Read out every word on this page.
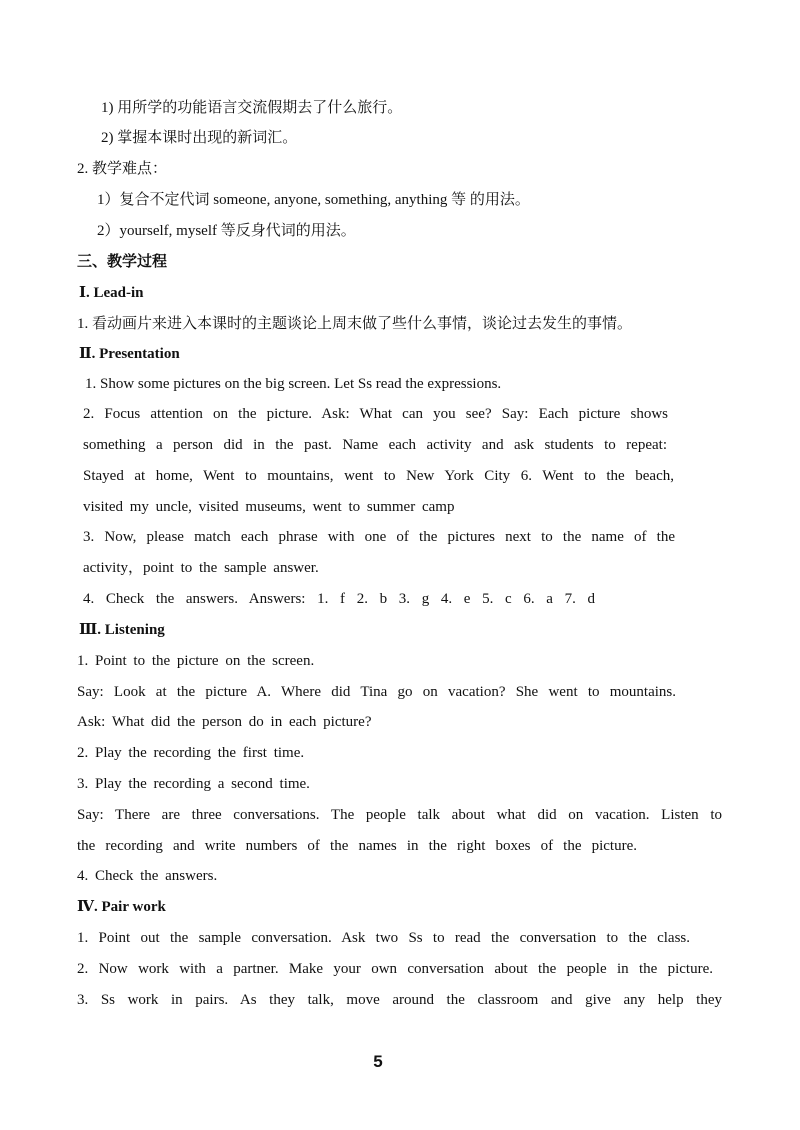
1) 用所学的功能语言交流假期去了什么旅行。
2) 掌握本课时出现的新词汇。
2. 教学难点：
1）复合不定代词 someone, anyone, something, anything 等 的用法。
2）yourself, myself 等反身代词的用法。
三、教学过程
Ⅰ. Lead-in
1. 看动画片来进入本课时的主题谈论上周末做了些什么事情，谈论过去发生的事情。
Ⅱ. Presentation
1. Show some pictures on the big screen. Let Ss read the expressions.
2. Focus attention on the picture. Ask: What can you see? Say: Each picture shows
something a person did in the past. Name each activity and ask students to repeat:
Stayed at home, Went to mountains, went to New York City 6. Went to the beach,
visited my uncle, visited museums, went to summer camp
3. Now, please match each phrase with one of the pictures next to the name of the
activity，point to the sample answer.
4. Check the answers. Answers: 1. f 2. b 3. g 4. e 5. c 6. a 7. d
Ⅲ. Listening
1. Point to the picture on the screen.
Say: Look at the picture A. Where did Tina go on vacation? She went to mountains.
Ask: What did the person do in each picture?
2. Play the recording the first time.
3. Play the recording a second time.
Say: There are three conversations. The people talk about what did on vacation. Listen to
the recording and write numbers of the names in the right boxes of the picture.
4. Check the answers.
Ⅳ. Pair work
1. Point out the sample conversation. Ask two Ss to read the conversation to the class.
2. Now work with a partner. Make your own conversation about the people in the picture.
3. Ss work in pairs. As they talk, move around the classroom and give any help they
5
